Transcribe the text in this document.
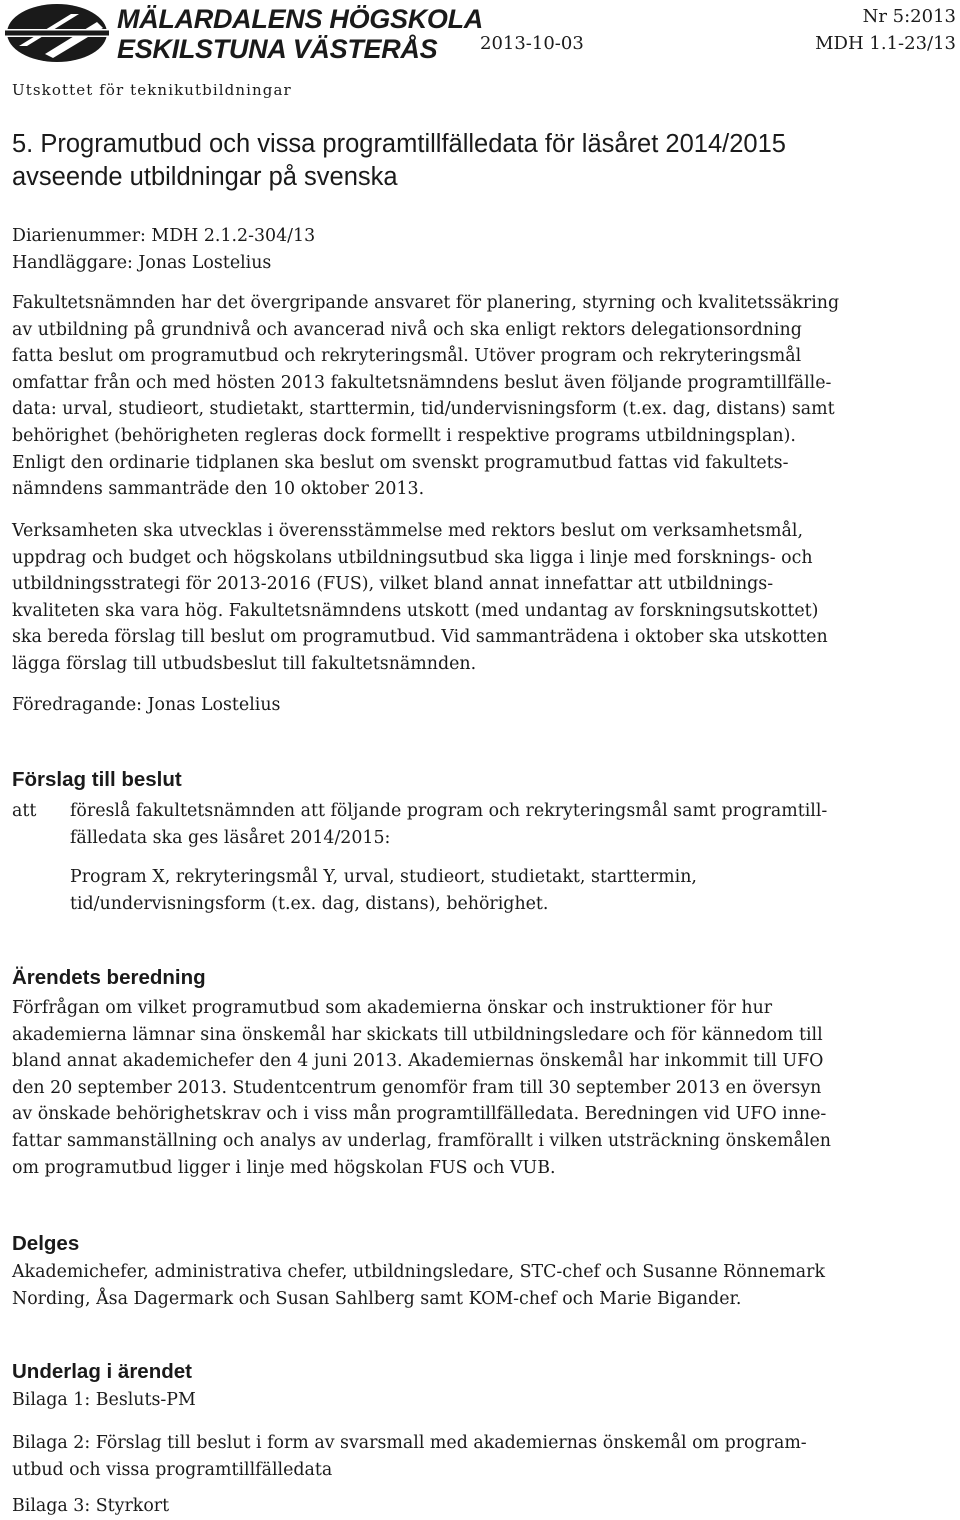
MÄLARDALENS HÖGSKOLA
ESKILSTUNA VÄSTERÅS
Nr 5:2013
2013-10-03	MDH 1.1-23/13
Utskottet för teknikutbildningar
5. Programutbud och vissa programtillfälledata för läsåret 2014/2015
avseende utbildningar på svenska
Diarienummer: MDH 2.1.2-304/13
Handläggare: Jonas Lostelius
Fakultetsnämnden har det övergripande ansvaret för planering, styrning och kvalitetssäkring
av utbildning på grundnivå och avancerad nivå och ska enligt rektors delegationsordning
fatta beslut om programutbud och rekryteringsmål. Utöver program och rekryteringsmål
omfattar från och med hösten 2013 fakultetsnämndens beslut även följande programtillfälle-
data: urval, studieort, studietakt, starttermin, tid/undervisningsform (t.ex. dag, distans) samt
behörighet (behörigheten regleras dock formellt i respektive programs utbildningsplan).
Enligt den ordinarie tidplanen ska beslut om svenskt programutbud fattas vid fakultets-
nämndens sammanträde den 10 oktober 2013.
Verksamheten ska utvecklas i överensstämmelse med rektors beslut om verksamhetsmål,
uppdrag och budget och högskolans utbildningsutbud ska ligga i linje med forsknings- och
utbildningsstrategi för 2013-2016 (FUS), vilket bland annat innefattar att utbildnings-
kvaliteten ska vara hög. Fakultetsnämndens utskott (med undantag av forskningsutskottet)
ska bereda förslag till beslut om programutbud. Vid sammanträdena i oktober ska utskotten
lägga förslag till utbudsbeslut till fakultetsnämnden.
Föredragande: Jonas Lostelius
Förslag till beslut
att föreslå fakultetsnämnden att följande program och rekryteringsmål samt programtill-
fälledata ska ges läsåret 2014/2015:
Program X, rekryteringsmål Y, urval, studieort, studietakt, starttermin,
tid/undervisningsform (t.ex. dag, distans), behörighet.
Ärendets beredning
Förfrågan om vilket programutbud som akademierna önskar och instruktioner för hur
akademierna lämnar sina önskemål har skickats till utbildningsledare och för kännedom till
bland annat akademichefer den 4 juni 2013. Akademiernas önskemål har inkommit till UFO
den 20 september 2013. Studentcentrum genomför fram till 30 september 2013 en översyn
av önskade behörighetskrav och i viss mån programtillfälledata. Beredningen vid UFO inne-
fattar sammanställning och analys av underlag, framförallt i vilken utsträckning önskemålen
om programutbud ligger i linje med högskolan FUS och VUB.
Delges
Akademichefer, administrativa chefer, utbildningsledare, STC-chef och Susanne Rönnemark
Nording, Åsa Dagermark och Susan Sahlberg samt KOM-chef och Marie Bigander.
Underlag i ärendet
Bilaga 1: Besluts-PM
Bilaga 2: Förslag till beslut i form av svarsmall med akademiernas önskemål om program-
utbud och vissa programtillfälledata
Bilaga 3: Styrkort
